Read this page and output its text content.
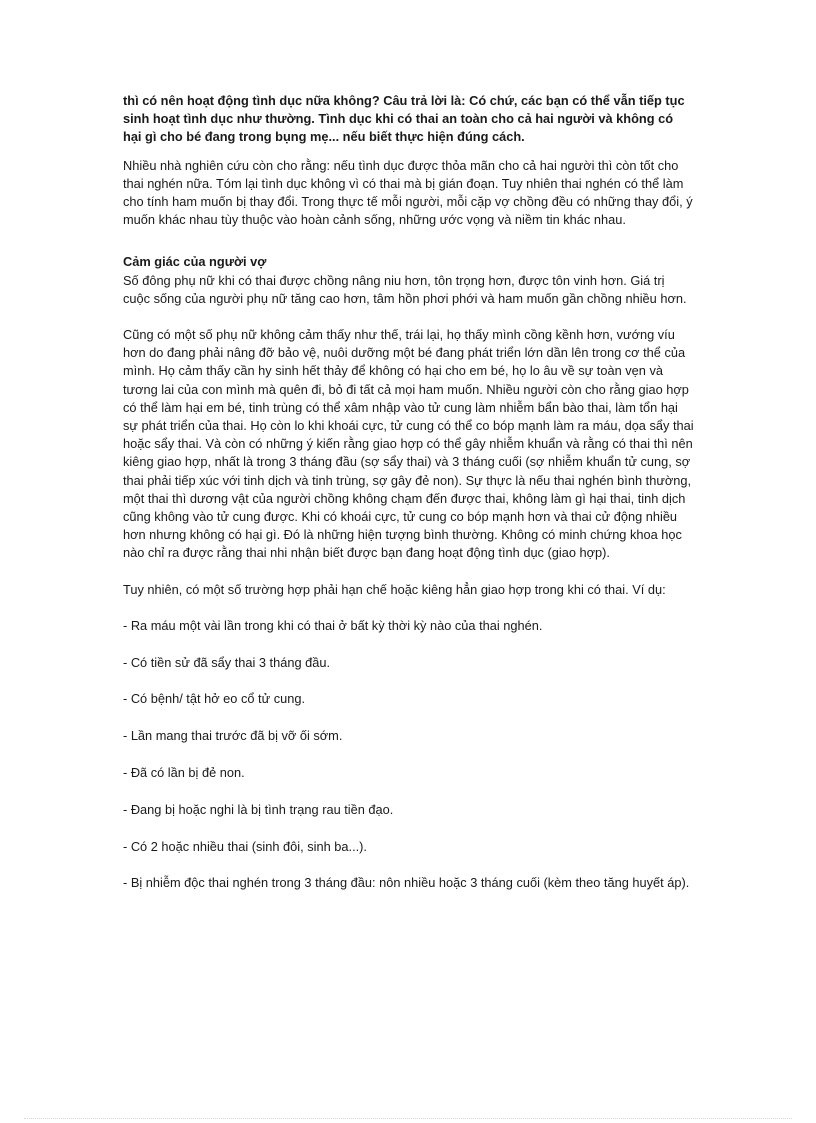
thì có nên hoạt động tình dục nữa không? Câu trả lời là: Có chứ, các bạn có thể vẫn tiếp tục sinh hoạt tình dục như thường. Tình dục khi có thai an toàn cho cả hai người và không có hại gì cho bé đang trong bụng mẹ... nếu biết thực hiện đúng cách.

Nhiều nhà nghiên cứu còn cho rằng: nếu tình dục được thỏa mãn cho cả hai người thì còn tốt cho thai nghén nữa. Tóm lại tình dục không vì có thai mà bị gián đoạn. Tuy nhiên thai nghén có thể làm cho tính ham muốn bị thay đổi. Trong thực tế mỗi người, mỗi cặp vợ chồng đều có những thay đổi, ý muốn khác nhau tùy thuộc vào hoàn cảnh sống, những ước vọng và niềm tin khác nhau.

Cảm giác của người vợ

Số đông phụ nữ khi có thai được chồng nâng niu hơn, tôn trọng hơn, được tôn vinh hơn. Giá trị cuộc sống của người phụ nữ tăng cao hơn, tâm hồn phơi phới và ham muốn gần chồng nhiều hơn.

Cũng có một số phụ nữ không cảm thấy như thế, trái lại, họ thấy mình cồng kềnh hơn, vướng víu hơn do đang phải nâng đỡ bảo vệ, nuôi dưỡng một bé đang phát triển lớn dần lên trong cơ thể của mình. Họ cảm thấy cần hy sinh hết thảy để không có hại cho em bé, họ lo âu về sự toàn vẹn và tương lai của con mình mà quên đi, bỏ đi tất cả mọi ham muốn. Nhiều người còn cho rằng giao hợp có thể làm hại em bé, tinh trùng có thể xâm nhập vào tử cung làm nhiễm bẩn bào thai, làm tổn hại sự phát triển của thai. Họ còn lo khi khoái cực, tử cung có thể co bóp mạnh làm ra máu, dọa sẩy thai hoặc sẩy thai. Và còn có những ý kiến rằng giao hợp có thể gây nhiễm khuẩn và rằng có thai thì nên kiêng giao hợp, nhất là trong 3 tháng đầu (sợ sẩy thai) và 3 tháng cuối (sợ nhiễm khuẩn tử cung, sợ thai phải tiếp xúc với tinh dịch và tinh trùng, sợ gây đẻ non). Sự thực là nếu thai nghén bình thường, một thai thì dương vật của người chồng không chạm đến được thai, không làm gì hại thai, tinh dịch cũng không vào tử cung được. Khi có khoái cực, tử cung co bóp mạnh hơn và thai cử động nhiều hơn nhưng không có hại gì. Đó là những hiện tượng bình thường. Không có minh chứng khoa học nào chỉ ra được rằng thai nhi nhận biết được bạn đang hoạt động tình dục (giao hợp).

Tuy nhiên, có một số trường hợp phải hạn chế hoặc kiêng hẳn giao hợp trong khi có thai. Ví dụ:

- Ra máu một vài lần trong khi có thai ở bất kỳ thời kỳ nào của thai nghén.

- Có tiền sử đã sẩy thai 3 tháng đầu.

- Có bệnh/ tật hở eo cổ tử cung.

- Lần mang thai trước đã bị vỡ ối sớm.

- Đã có lần bị đẻ non.

- Đang bị hoặc nghi là bị tình trạng rau tiền đạo.

- Có 2 hoặc nhiều thai (sinh đôi, sinh ba...).

- Bị nhiễm độc thai nghén trong 3 tháng đầu: nôn nhiều hoặc 3 tháng cuối (kèm theo tăng huyết áp).
